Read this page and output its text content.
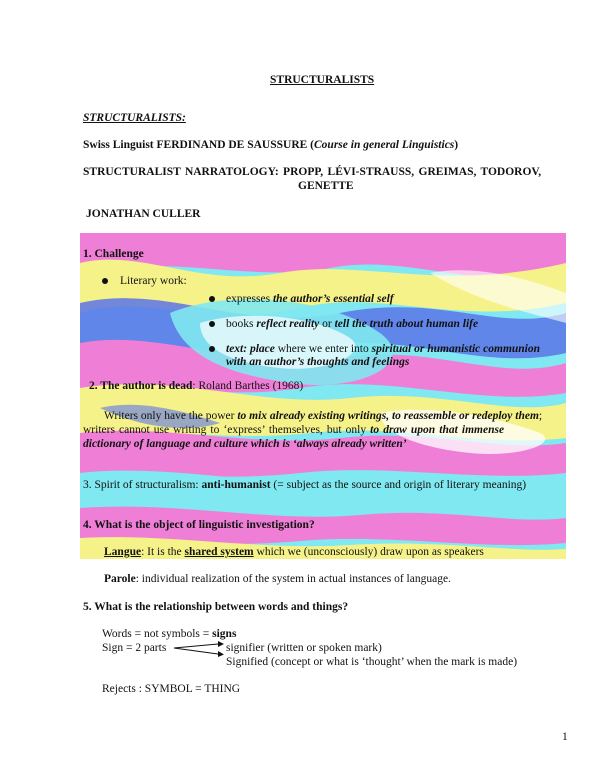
STRUCTURALISTS
STRUCTURALISTS:
Swiss Linguist FERDINAND DE SAUSSURE (Course in general Linguistics)
STRUCTURALIST NARRATOLOGY: PROPP, LÉVI-STRAUSS, GREIMAS, TODOROV,
GENETTE
JONATHAN CULLER
1. Challenge
Literary work:
expresses the author’s essential self
books reflect reality or tell the truth about human life
text: place where we enter into spiritual or humanistic communion
with an author’s thoughts and feelings
2. The author is dead: Roland Barthes (1968)
Writers only have the power to mix already existing writings, to reassemble or redeploy them;
writers cannot use writing to ‘express’ themselves, but only to draw upon that immense
dictionary of language and culture which is ‘always already written’
3. Spirit of structuralism: anti-humanist (= subject as the source and origin of literary meaning)
4. What is the object of linguistic investigation?
Langue: It is the shared system which we (unconsciously) draw upon as speakers
Parole: individual realization of the system in actual instances of language.
5. What is the relationship between words and things?
Words = not symbols = signs
Sign = 2 parts	signifier (written or spoken mark)
Signified (concept or what is ‘thought’ when the mark is made)
Rejects : SYMBOL = THING
1
